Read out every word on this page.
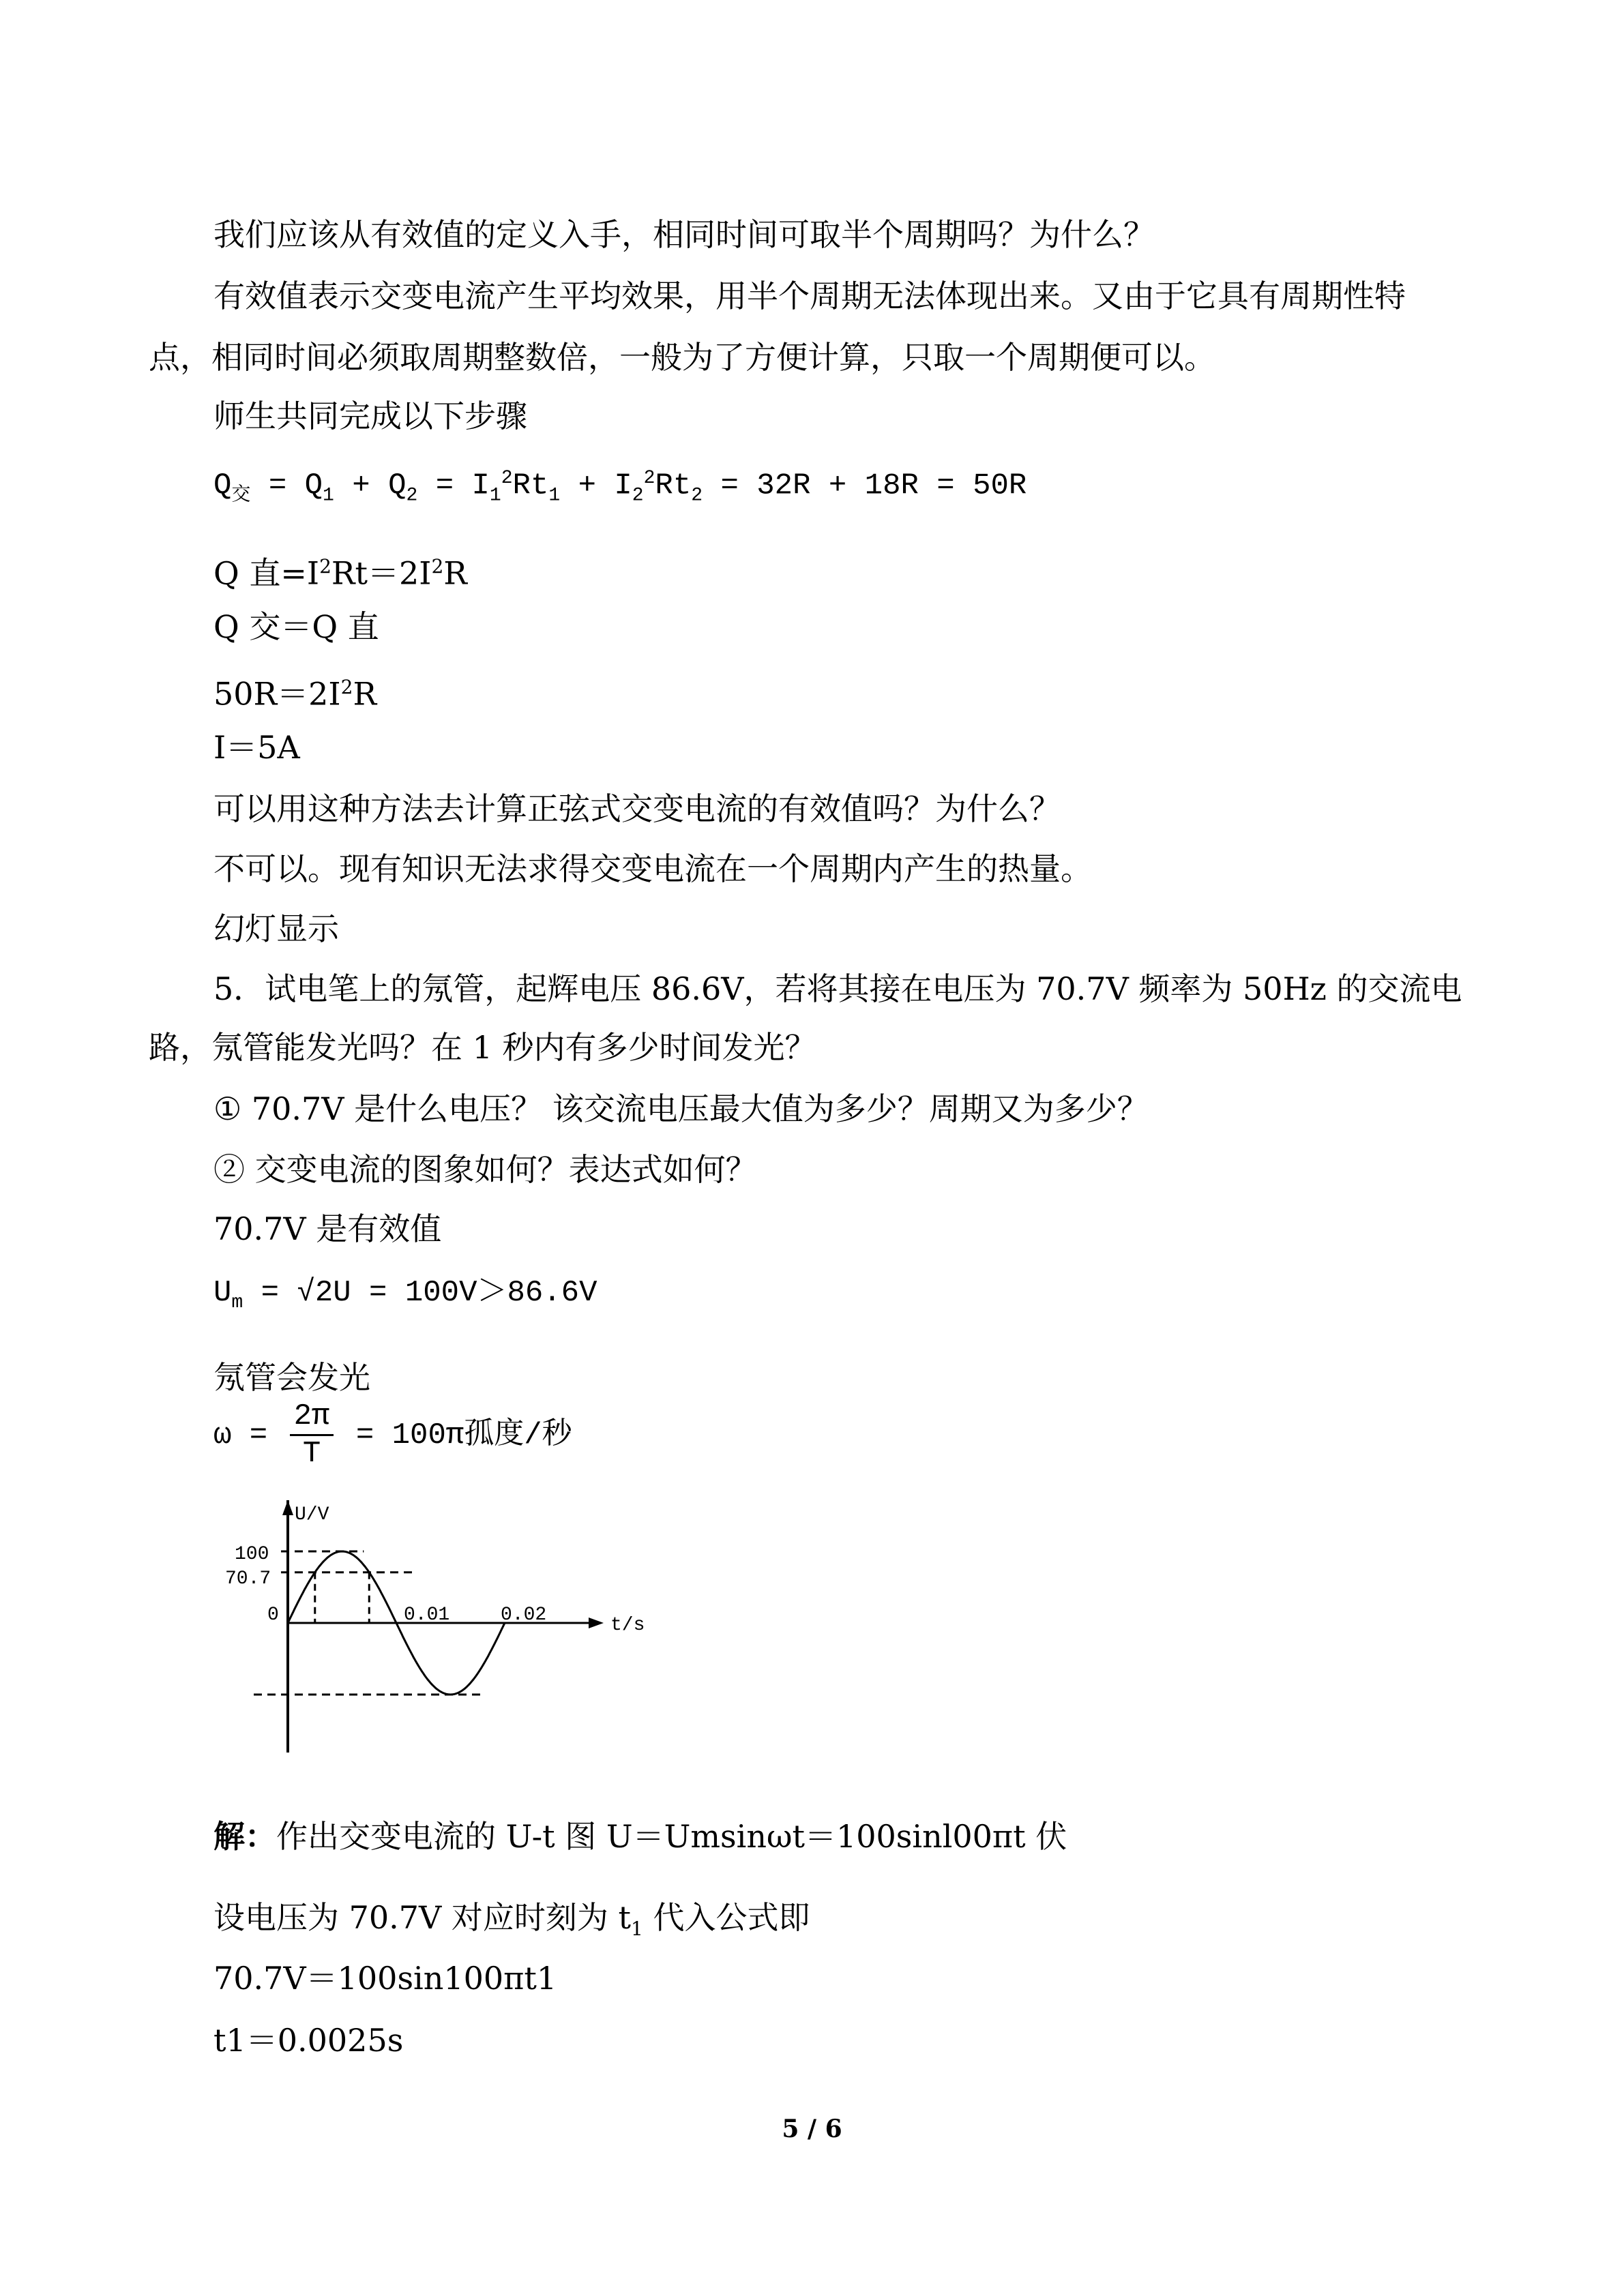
我们应该从有效值的定义入手，相同时间可取半个周期吗？为什么？
有效值表示交变电流产生平均效果，用半个周期无法体现出来。又由于它具有周期性特
点，相同时间必须取周期整数倍，一般为了方便计算，只取一个周期便可以。
师生共同完成以下步骤
$Q_交 = Q_1 + Q_2 = I_1^2Rt_1 + I_2^2Rt_2 = 32R + 18R = 50R$
Q 直$=I^2Rt=2I^2R$
Q 交＝Q 直
$50R=2I^2R$
I＝5A
可以用这种方法去计算正弦式交变电流的有效值吗？为什么？
不可以。现有知识无法求得交变电流在一个周期内产生的热量。
幻灯显示
5．试电笔上的氖管，起辉电压 86.6V，若将其接在电压为 70.7V 频率为 50Hz 的交流电
路，氖管能发光吗？在 1 秒内有多少时间发光？
① 70.7V 是什么电压？ 该交流电压最大值为多少？周期又为多少？
② 交变电流的图象如何？表达式如何？
70.7V 是有效值
$U_m = √2U = 100V>86.6V$
氖管会发光
$\omega = \frac{2\pi}{T} = 100\pi$孤度/秒
U/V
t/s
100
70.7
0	0.01	0.02
解：作出交变电流的 U-t 图 U＝Umsinωt＝100sinl00πt 伏
设电压为 70.7V 对应时刻为 $t_1$ 代入公式即
70.7V＝100sin100πt1
t1＝0.0025s
5 / 6
